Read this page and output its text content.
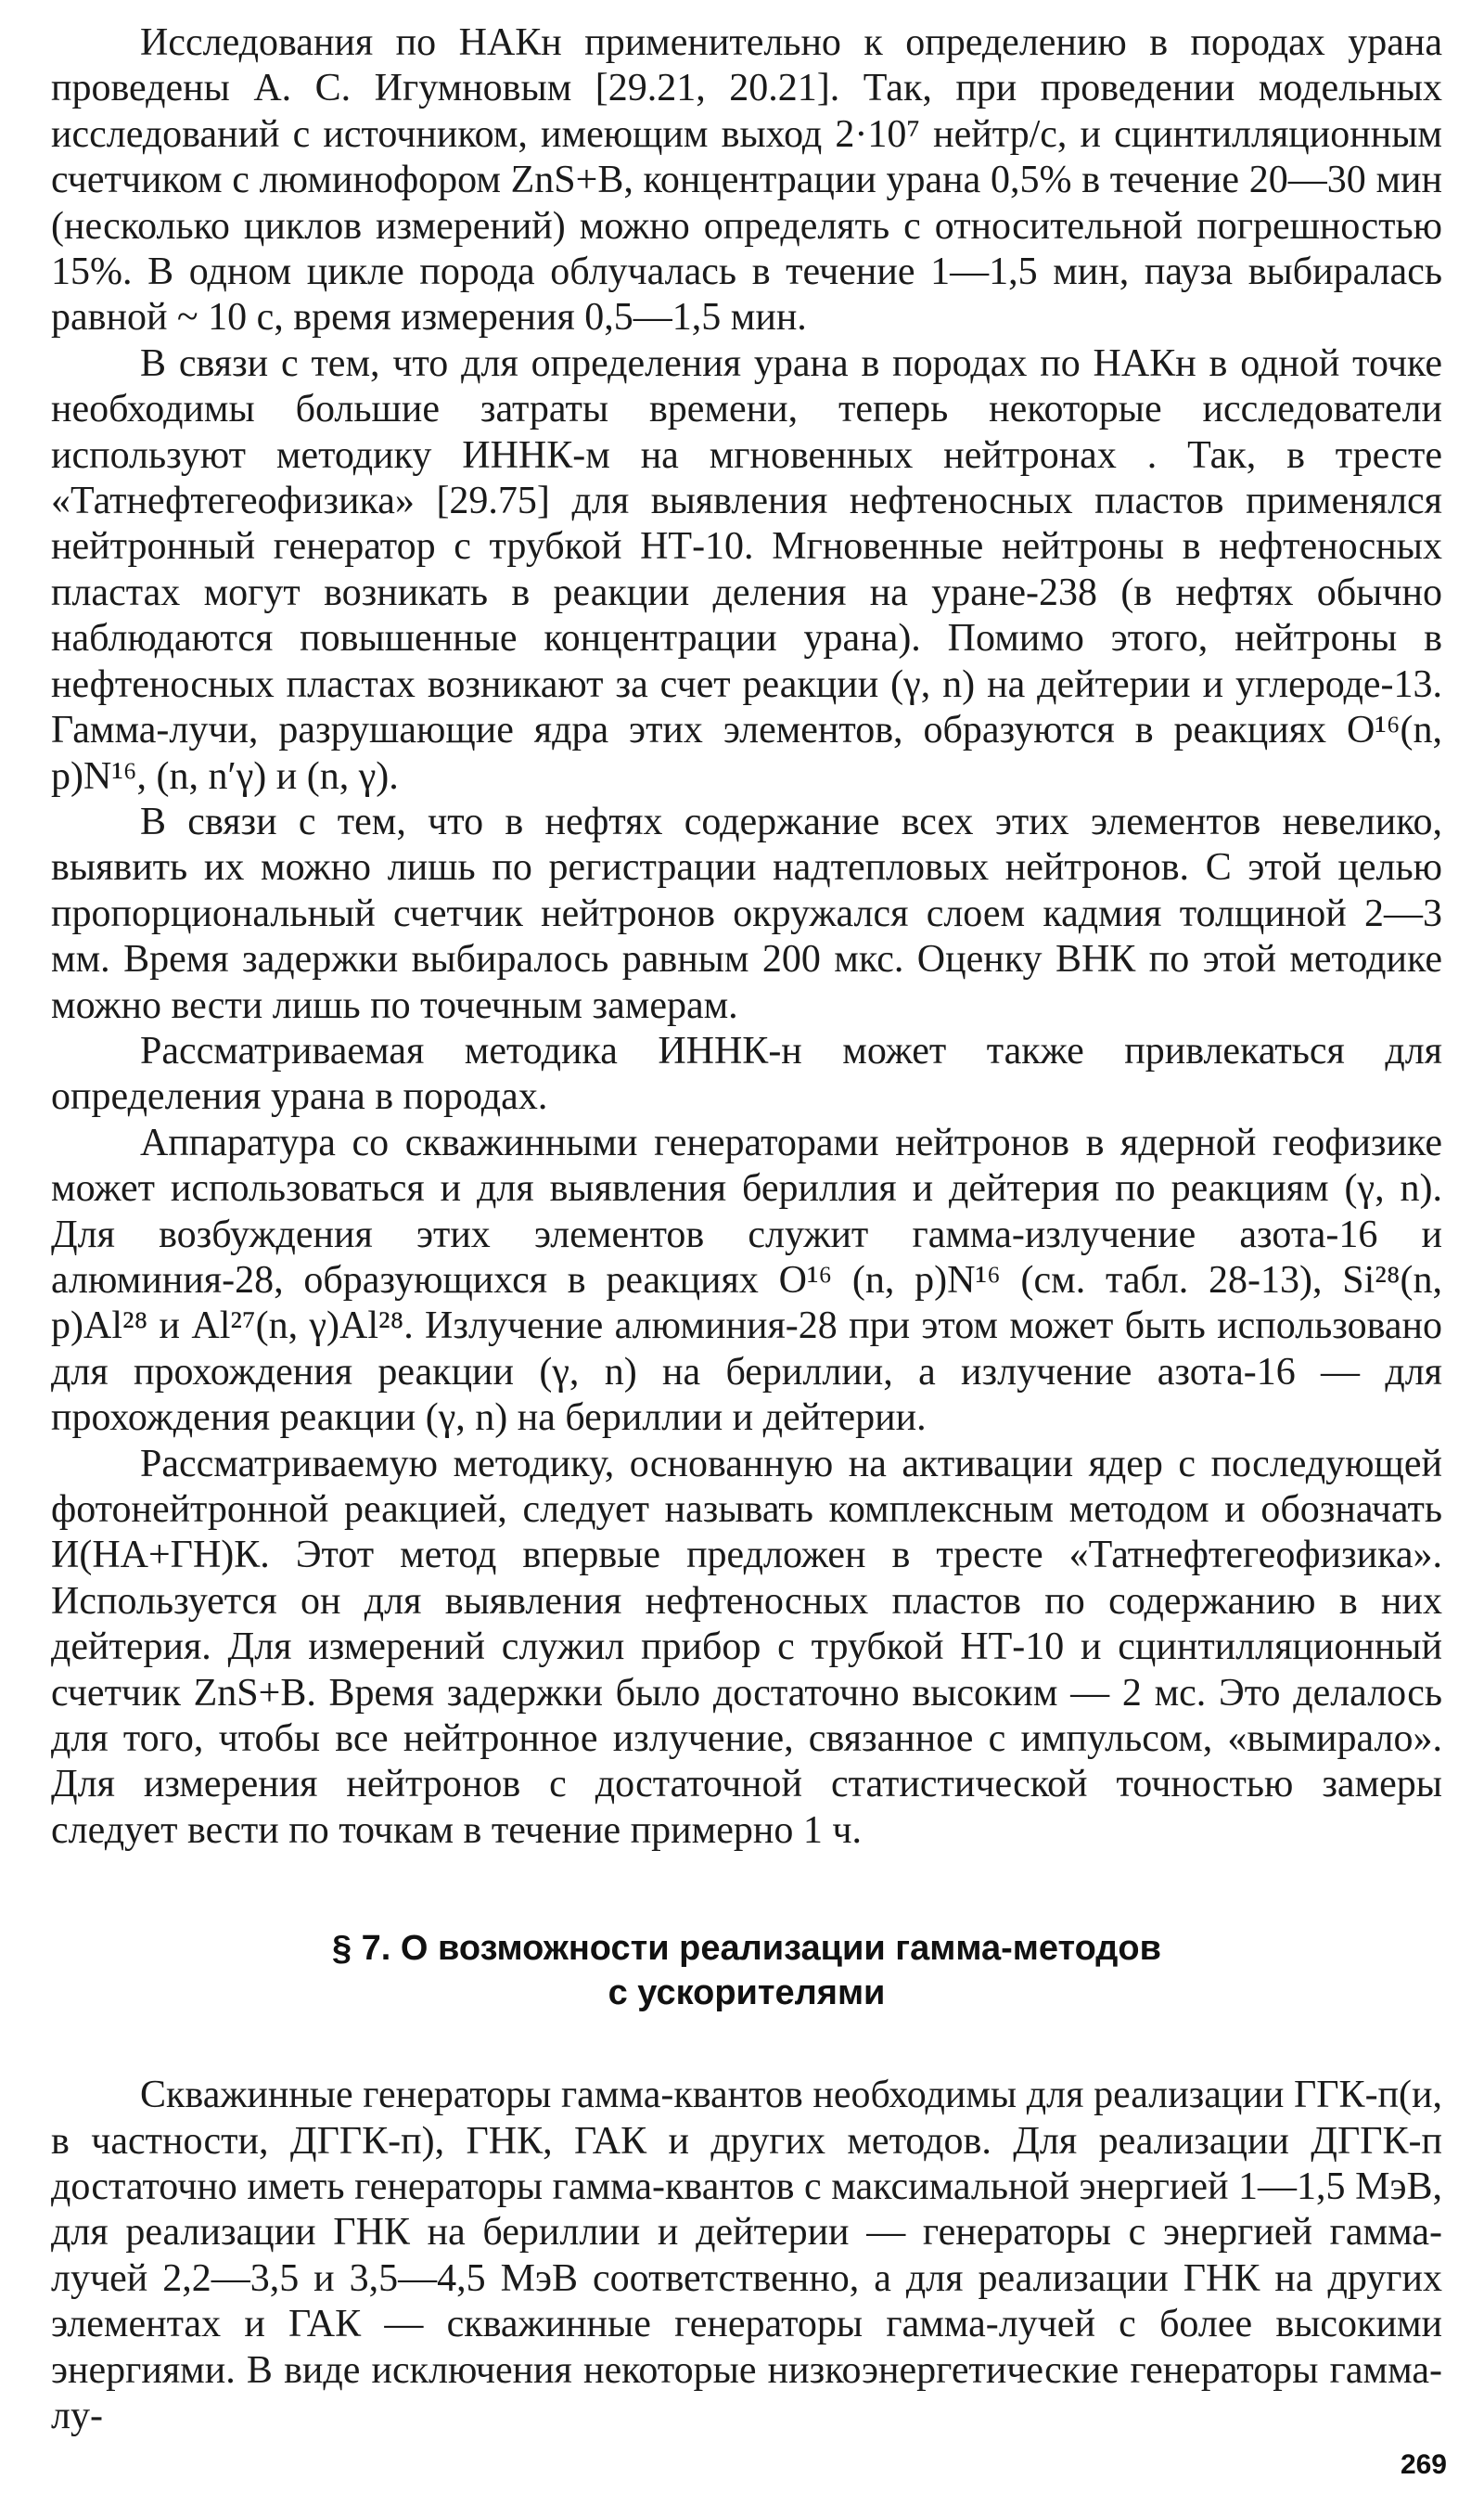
Исследования по НАКн применительно к определению в породах урана проведены А. С. Игумновым [29.21, 20.21]. Так, при проведении модельных исследований с источником, имеющим выход 2·10⁷ нейтр/с, и сцинтилляционным счетчиком с люминофором ZnS+B, концентрации урана 0,5% в течение 20—30 мин (несколько циклов измерений) можно определять с относительной погрешностью 15%. В одном цикле порода облучалась в течение 1—1,5 мин, пауза выбиралась равной ~ 10 с, время измерения 0,5—1,5 мин.

В связи с тем, что для определения урана в породах по НАКн в одной точке необходимы большие затраты времени, теперь некоторые исследователи используют методику ИННК-м на мгновенных нейтронах . Так, в тресте «Татнефтегеофизика» [29.75] для выявления нефтеносных пластов применялся нейтронный генератор с трубкой НТ-10. Мгновенные нейтроны в нефтеносных пластах могут возникать в реакции деления на уране-238 (в нефтях обычно наблюдаются повышенные концентрации урана). Помимо этого, нейтроны в нефтеносных пластах возникают за счет реакции (γ, n) на дейтерии и углероде-13. Гамма-лучи, разрушающие ядра этих элементов, образуются в реакциях O¹⁶(n, p)N¹⁶, (n, n′γ) и (n, γ).

В связи с тем, что в нефтях содержание всех этих элементов невелико, выявить их можно лишь по регистрации надтепловых нейтронов. С этой целью пропорциональный счетчик нейтронов окружался слоем кадмия толщиной 2—3 мм. Время задержки выбиралось равным 200 мкс. Оценку ВНК по этой методике можно вести лишь по точечным замерам.

Рассматриваемая методика ИННК-н может также привлекаться для определения урана в породах.

Аппаратура со скважинными генераторами нейтронов в ядерной геофизике может использоваться и для выявления бериллия и дейтерия по реакциям (γ, n). Для возбуждения этих элементов служит гамма-излучение азота-16 и алюминия-28, образующихся в реакциях O¹⁶ (n, p)N¹⁶ (см. табл. 28-13), Si²⁸(n, p)Al²⁸ и Al²⁷(n, γ)Al²⁸. Излучение алюминия-28 при этом может быть использовано для прохождения реакции (γ, n) на бериллии, а излучение азота-16 — для прохождения реакции (γ, n) на бериллии и дейтерии.

Рассматриваемую методику, основанную на активации ядер с последующей фотонейтронной реакцией, следует называть комплексным методом и обозначать И(НА+ГН)К. Этот метод впервые предложен в тресте «Татнефтегеофизика». Используется он для выявления нефтеносных пластов по содержанию в них дейтерия. Для измерений служил прибор с трубкой НТ-10 и сцинтилляционный счетчик ZnS+B. Время задержки было достаточно высоким — 2 мс. Это делалось для того, чтобы все нейтронное излучение, связанное с импульсом, «вымирало». Для измерения нейтронов с достаточной статистической точностью замеры следует вести по точкам в течение примерно 1 ч.

§ 7. О возможности реализации гамма-методов
с ускорителями

Скважинные генераторы гамма-квантов необходимы для реализации ГГК-п(и, в частности, ДГГК-п), ГНК, ГАК и других методов. Для реализации ДГГК-п достаточно иметь генераторы гамма-квантов с максимальной энергией 1—1,5 МэВ, для реализации ГНК на бериллии и дейтерии — генераторы с энергией гамма-лучей 2,2—3,5 и 3,5—4,5 МэВ соответственно, а для реализации ГНК на других элементах и ГАК — скважинные генераторы гамма-лучей с более высокими энергиями. В виде исключения некоторые низкоэнергетические генераторы гамма-лу-

269
